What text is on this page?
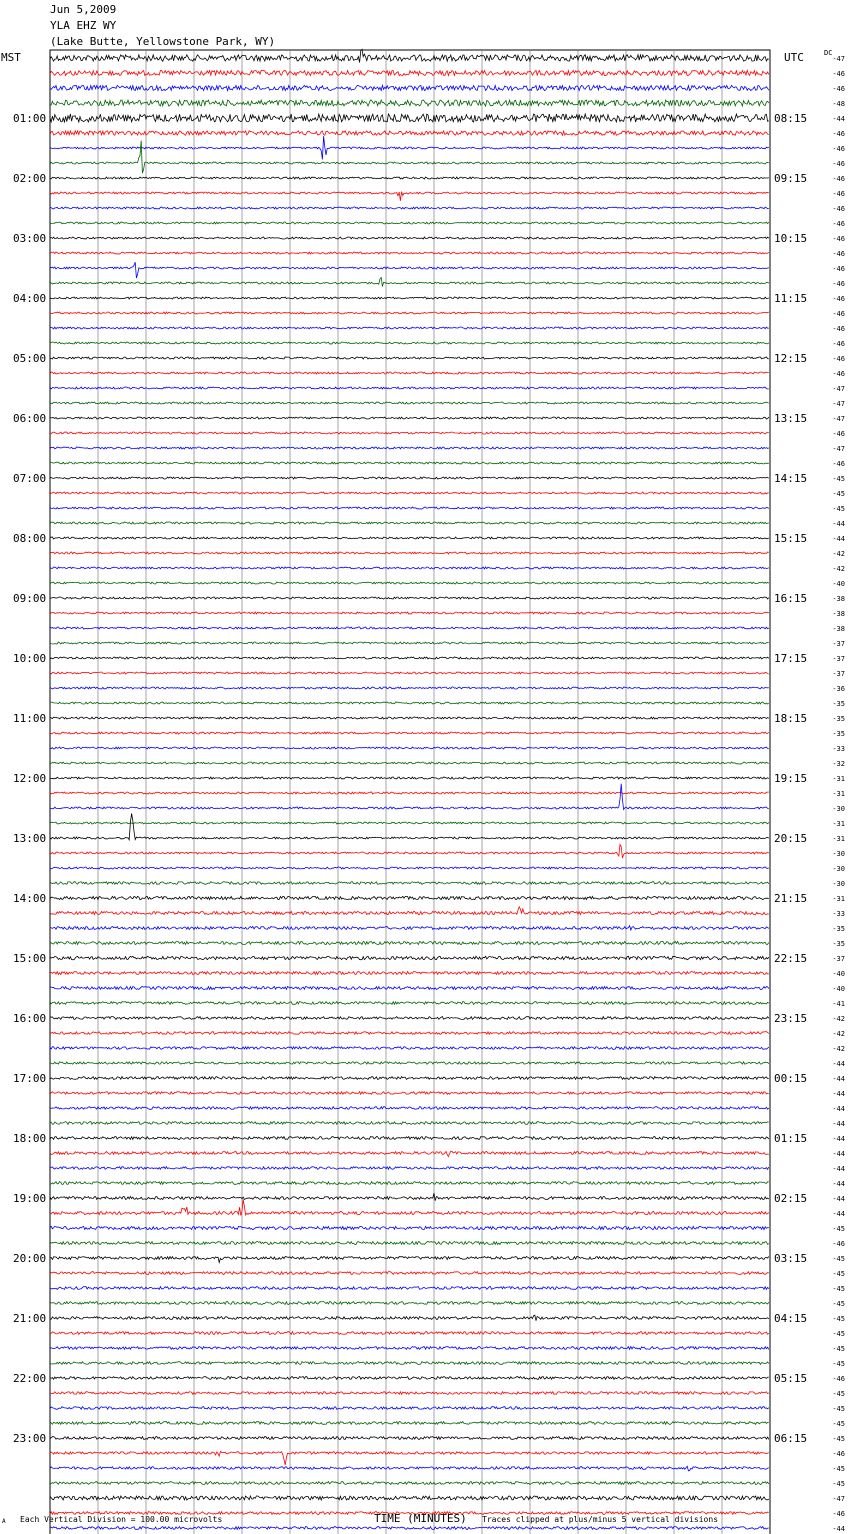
Jun 5,2009
YLA EHZ WY
(Lake Butte, Yellowstone Park, WY)
MST	UTC	DC
-47
-46
-46
-48
-44
-46
-46
-46
-46
-46
-46
-46
-46
-46
-46
-46
-46
-46
-46
-46
-46
-46
-47
-47
-47
-46
-47
-46
-45
-45
-45
-44
-44
-42
-42
-40
-38
-38
-38
-37
-37
-37
-36
-35
-35
-35
-33
-32
-31
-31
-30
-31
-31
-30
-30
-30
-31
-33
-35
-35
-37
-40
-40
-41
-42
-42
-42
-44
-44
-44
-44
-44
-44
-44
-44
-44
-44
-44
-45
-46
-45
-45
-45
-45
-45
-45
-45
-45
-46
-45
-45
-45
-45
-46
-45
-45
-47
-46
-44
01:00
02:00
03:00
04:00
05:00
06:00
07:00
08:00
09:00
10:00
11:00
12:00
13:00
14:00
15:00
16:00
17:00
18:00
19:00
20:00
21:00
22:00
23:00
08:15
09:15
10:15
11:15
12:15
13:15
14:15
15:15
16:15
17:15
18:15
19:15
20:15
21:15
22:15
23:15
00:15
01:15
02:15
03:15
04:15
05:15
06:15
A Each Vertical Division = 100.00 microvolts	TIME (MINUTES) Traces clipped at plus/minus 5 vertical divisions
